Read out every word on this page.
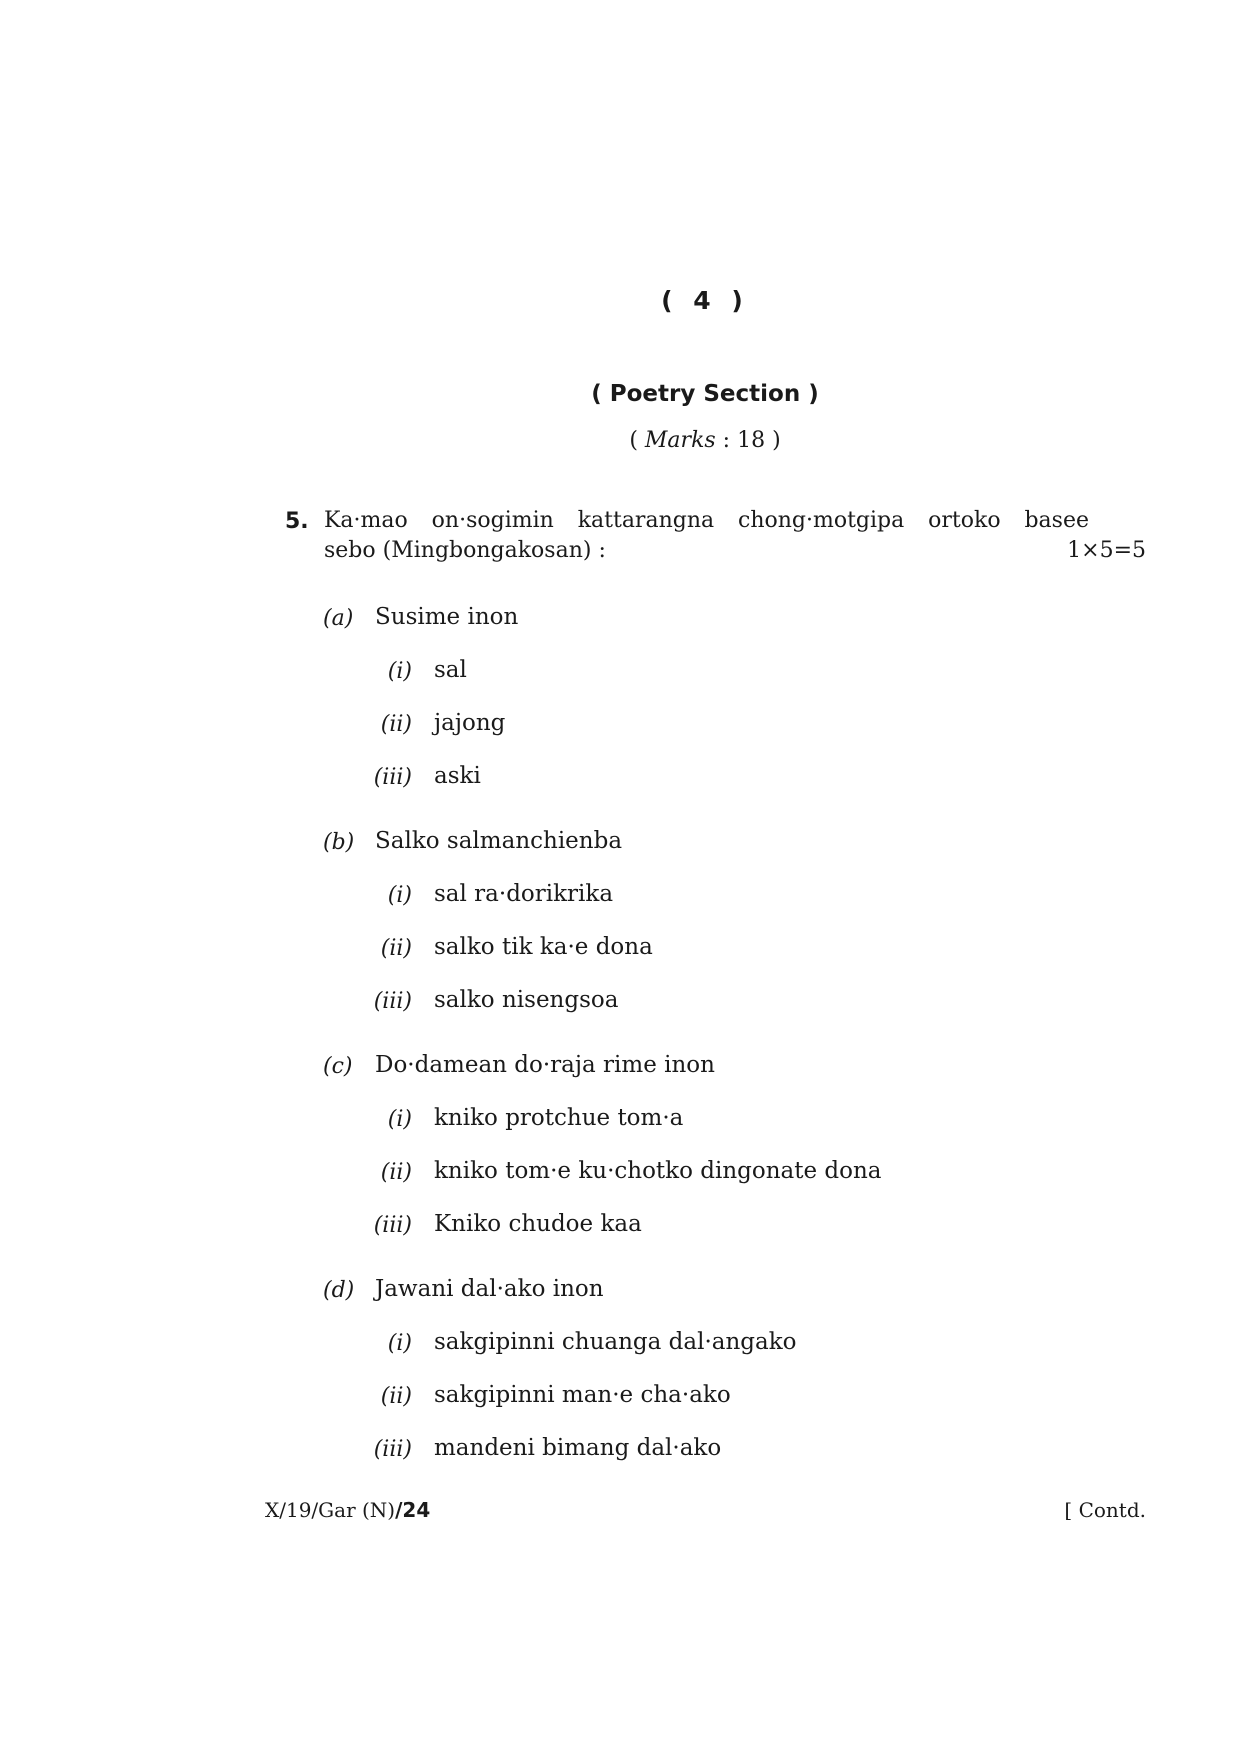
( 4 )
( Poetry Section )
( Marks : 18 )
5. Ka·mao on·sogimin kattarangna chong·motgipa ortoko basee
sebo (Mingbongakosan) :	1×5=5
(a) Susime inon
(i) sal
(ii) jajong
(iii) aski
(b) Salko salmanchienba
(i) sal ra·dorikrika
(ii) salko tik ka·e dona
(iii) salko nisengsoa
(c) Do·damean do·raja rime inon
(i) kniko protchue tom·a
(ii) kniko tom·e ku·chotko dingonate dona
(iii) Kniko chudoe kaa
(d) Jawani dal·ako inon
(i) sakgipinni chuanga dal·angako
(ii) sakgipinni man·e cha·ako
(iii) mandeni bimang dal·ako
X/19/Gar (N)/24	[ Contd.
